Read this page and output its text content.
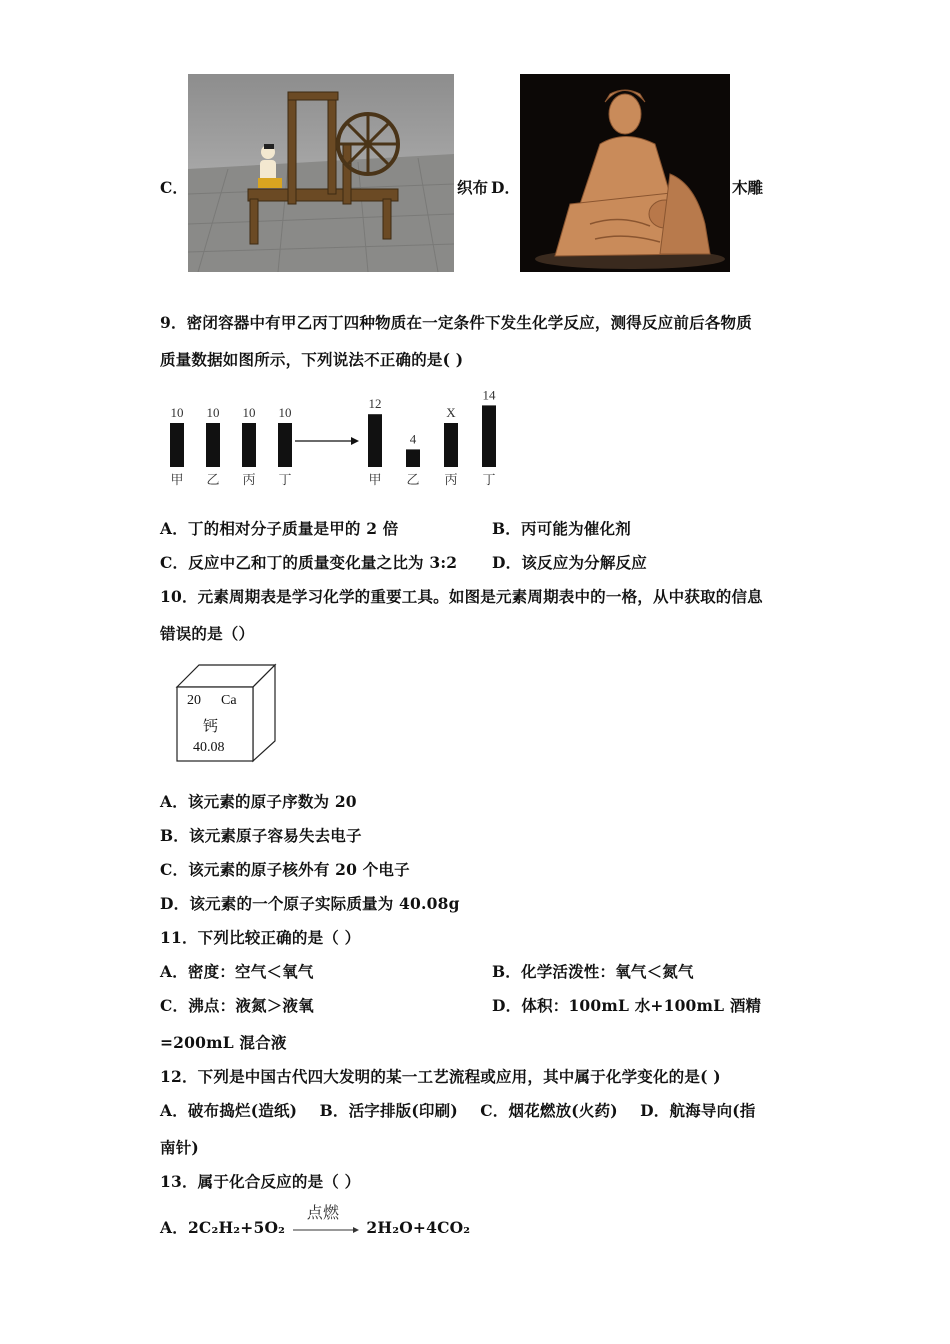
C．	织布 D．	木雕
9．密闭容器中有甲乙丙丁四种物质在一定条件下发生化学反应，测得反应前后各物质
质量数据如图所示，下列说法不正确的是( )
10
甲
10
乙
10
丙
10
丁
12
甲
4
乙
X
丙
14
丁
A．丁的相对分子质量是甲的 2 倍	B．丙可能为催化剂
C．反应中乙和丁的质量变化量之比为 3:2 D．该反应为分解反应
10．元素周期表是学习化学的重要工具。如图是元素周期表中的一格，从中获取的信息
错误的是（）
20 Ca
钙
40.08
A．该元素的原子序数为 20
B．该元素原子容易失去电子
C．该元素的原子核外有 20 个电子
D．该元素的一个原子实际质量为 40.08g
11．下列比较正确的是（ ）
A．密度：空气＜氧气	B．化学活泼性：氧气＜氮气
C．沸点：液氮＞液氧	D．体积：100mL 水+100mL 酒精
=200mL 混合液
12．下列是中国古代四大发明的某一工艺流程或应用，其中属于化学变化的是( )
A．破布捣烂(造纸)    B．活字排版(印刷)    C．烟花燃放(火药)    D．航海导向(指
南针)
13．属于化合反应的是（ ）
A．2C₂H₂+5O₂
点燃
2H₂O+4CO₂
